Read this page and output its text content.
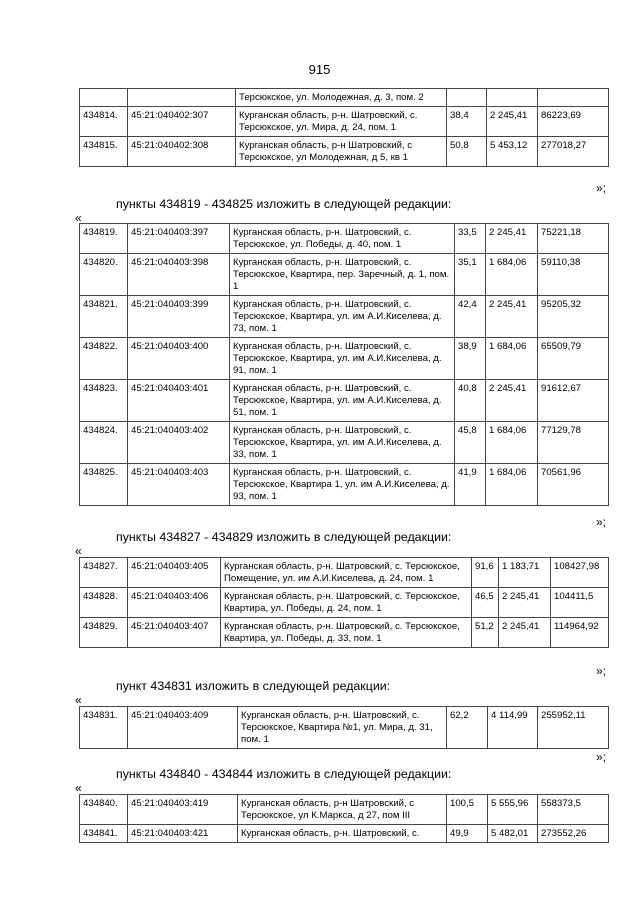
915
		Терсюкское, ул. Молодежная, д. 3, пом. 2			
434814.	45:21:040402:307	Курганская область, р-н. Шатровский, с. Терсюкское, ул. Мира, д. 24, пом. 1	38,4	2 245,41	86223,69
434815.	45:21:040402:308	Курганская область, р-н Шатровский, с Терсюкское, ул Молодежная, д 5, кв 1	50,8	5 453,12	277018,27
»;
пункты 434819 - 434825 изложить в следующей редакции:
«
434819.	45:21:040403:397	Курганская область, р-н. Шатровский, с. Терсюкское, ул. Победы, д. 40, пом. 1	33,5	2 245,41	75221,18
434820.	45:21:040403:398	Курганская область, р-н. Шатровский, с. Терсюкское, Квартира, пер. Заречный, д. 1, пом. 1	35,1	1 684,06	59110,38
434821.	45:21:040403:399	Курганская область, р-н. Шатровский, с. Терсюкское, Квартира, ул. им А.И.Киселева, д. 73, пом. 1	42,4	2 245,41	95205,32
434822.	45:21:040403:400	Курганская область, р-н. Шатровский, с. Терсюкское, Квартира, ул. им А.И.Киселева, д. 91, пом. 1	38,9	1 684,06	65509,79
434823.	45:21:040403:401	Курганская область, р-н. Шатровский, с. Терсюкское, Квартира, ул. им А.И.Киселева, д. 51, пом. 1	40,8	2 245,41	91612,67
434824.	45:21:040403:402	Курганская область, р-н. Шатровский, с. Терсюкское, Квартира, ул. им А.И.Киселева, д. 33, пом. 1	45,8	1 684,06	77129,78
434825.	45:21:040403:403	Курганская область, р-н. Шатровский, с. Терсюкское, Квартира 1, ул. им А.И.Киселева, д. 93, пом. 1	41,9	1 684,06	70561,96
»;
пункты 434827 - 434829 изложить в следующей редакции:
«
434827.	45:21:040403:405	Курганская область, р-н. Шатровский, с. Терсюкское, Помещение, ул. им А.И.Киселева, д. 24, пом. 1	91,6	1 183,71	108427,98
434828.	45:21:040403:406	Курганская область, р-н. Шатровский, с. Терсюкское, Квартира, ул. Победы, д. 24, пом. 1	46,5	2 245,41	104411,5
434829.	45:21:040403:407	Курганская область, р-н. Шатровский, с. Терсюкское, Квартира, ул. Победы, д. 33, пом. 1	51,2	2 245,41	114964,92
»;
пункт 434831 изложить в следующей редакции:
«
434831.	45:21:040403:409	Курганская область, р-н. Шатровский, с. Терсюкское, Квартира №1, ул. Мира, д. 31, пом. 1	62,2	4 114,99	255952,11
»;
пункты 434840 - 434844 изложить в следующей редакции:
«
434840.	45:21:040403:419	Курганская область, р-н Шатровский, с Терсюкское, ул К.Маркса, д 27, пом III	100,5	5 555,96	558373,5
434841.	45:21:040403:421	Курганская область, р-н. Шатровский, с.	49,9	5 482,01	273552,26
